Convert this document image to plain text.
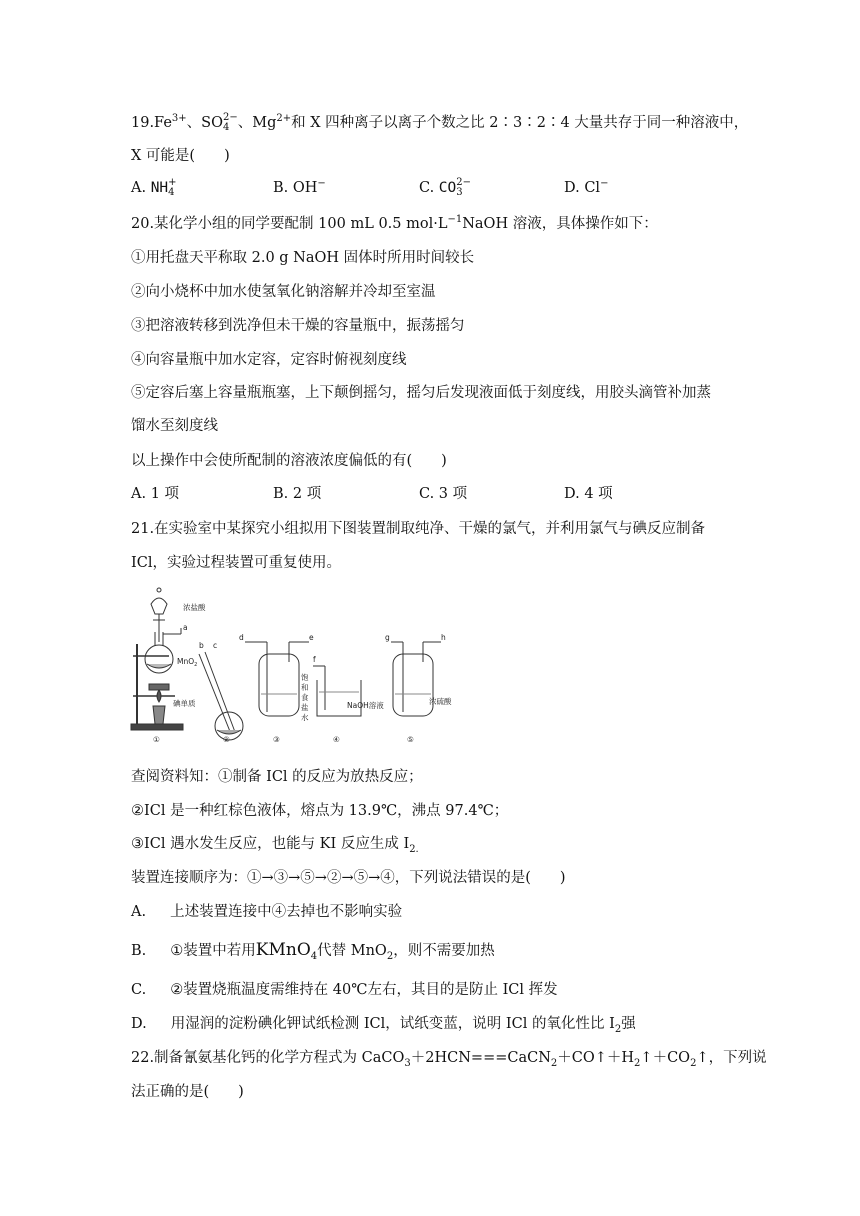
$19.Fe^{3+}$、SO 2−
4 、$Mg^{2+}$和 X 四种离子以离子个数之比 2∶3∶2∶4 大量共存于同一种溶液中，
X 可能是(　　)
A. NH +
4	B. OH−	C. CO 2−
3	D. Cl−
20.某化学小组的同学要配制 100 mL 0.5 $mol\cdot L^{-1}NaOH$ 溶液，具体操作如下：
①用托盘天平称取 2.0 g NaOH 固体时所用时间较长
②向小烧杯中加水使氢氧化钠溶解并冷却至室温
③把溶液转移到洗净但未干燥的容量瓶中，振荡摇匀
④向容量瓶中加水定容，定容时俯视刻度线
⑤定容后塞上容量瓶瓶塞，上下颠倒摇匀，摇匀后发现液面低于刻度线，用胶头滴管补加蒸
馏水至刻度线
以上操作中会使所配制的溶液浓度偏低的有(　　)
A. 1 项	B. 2 项	C. 3 项	D. 4 项
21.在实验室中某探究小组拟用下图装置制取纯净、干燥的氯气，并利用氯气与碘反应制备
ICl，实验过程装置可重复使用。
浓盐酸
a
MnO$_2$
碘单质
b c
d	e
饱
和
食
盐
水
f
NaOH溶液
g	h
浓硫酸
①	②	③	④	⑤
查阅资料知：①制备 ICl 的反应为放热反应；
②ICl 是一种红棕色液体，熔点为 13.9℃，沸点 97.4℃；
③ICl 遇水发生反应，也能与 KI 反应生成 $I_{2.}$
装置连接顺序为：①→③→⑤→②→⑤→④，下列说法错误的是(　　)
A. 上述装置连接中④去掉也不影响实验
B. ①装置中若用KMnO$_4$代替 MnO$_2$，则不需要加热
C. ②装置烧瓶温度需维持在 40℃左右，其目的是防止 ICl 挥发
D. 用湿润的淀粉碘化钾试纸检测 ICl，试纸变蓝，说明 ICl 的氧化性比 $I_2$强
22.制备氰氨基化钙的化学方程式为 $CaCO_3+2HCN===CaCN_2+CO↑+H_2↑+CO_2↑$，下列说
法正确的是(　　)
